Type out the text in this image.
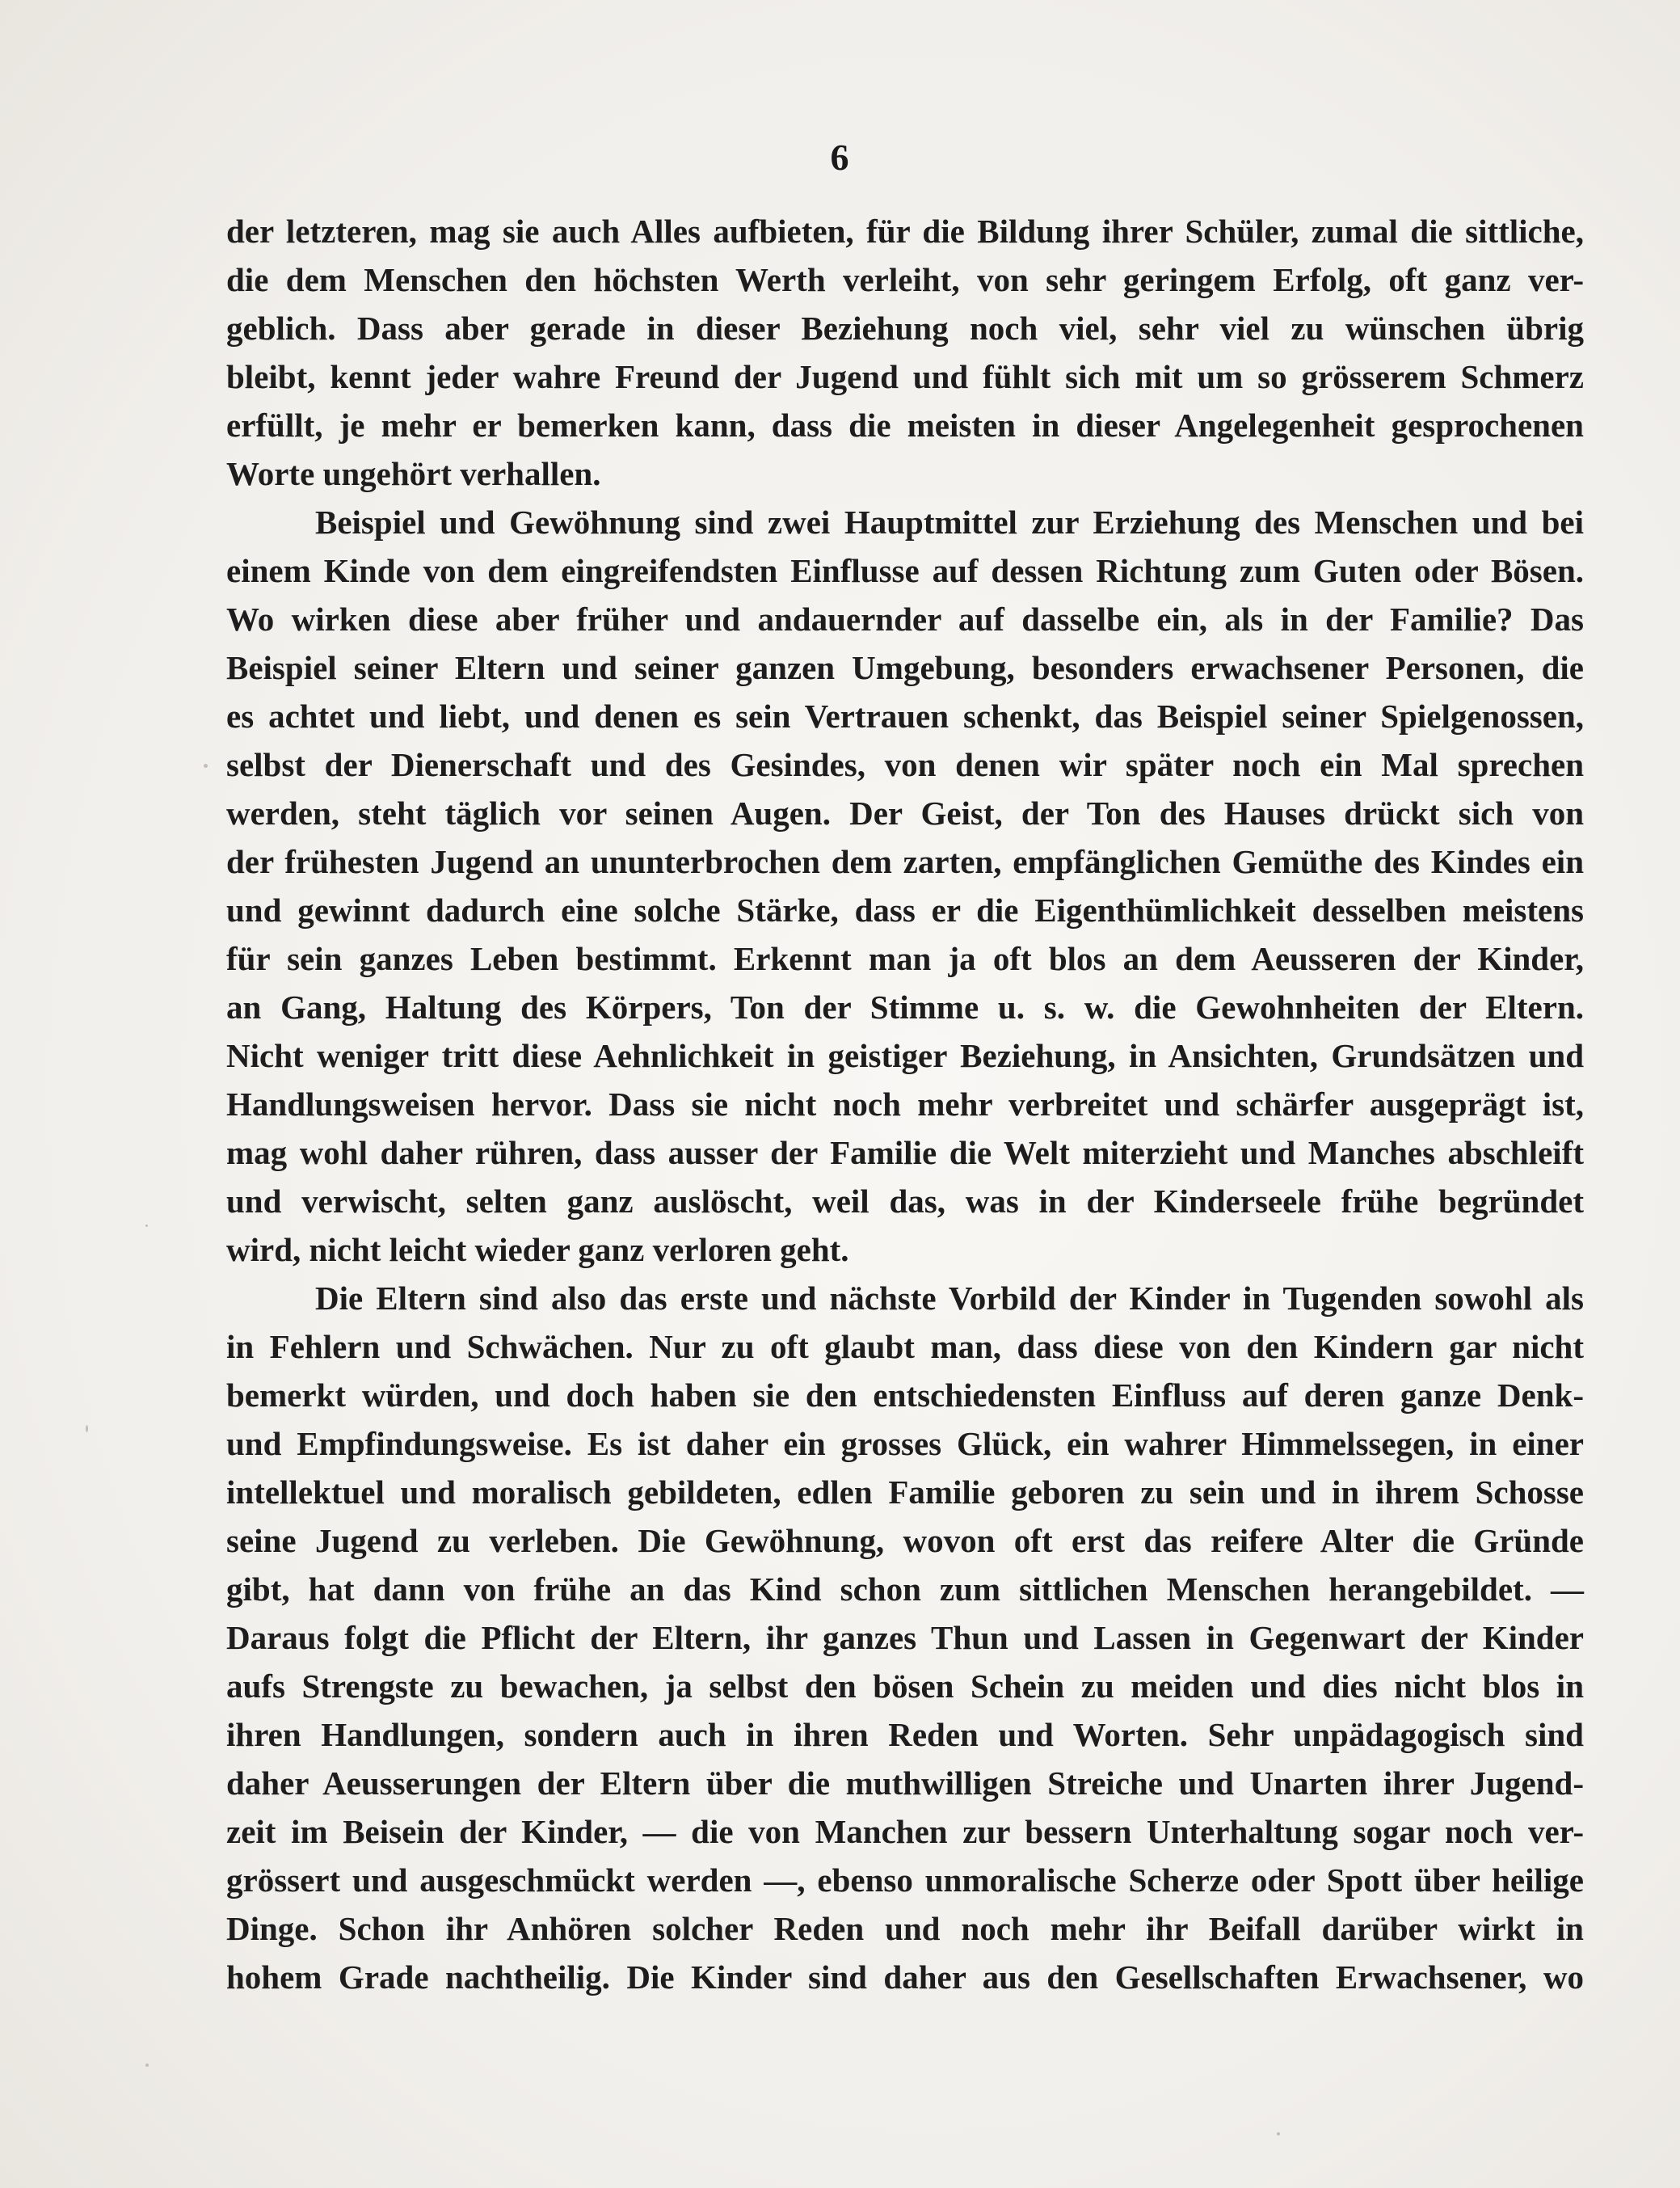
6
der letzteren, mag sie auch Alles aufbieten, für die Bildung ihrer Schüler, zumal die sittliche,
die dem Menschen den höchsten Werth verleiht, von sehr geringem Erfolg, oft ganz ver-
geblich. Dass aber gerade in dieser Beziehung noch viel, sehr viel zu wünschen übrig
bleibt, kennt jeder wahre Freund der Jugend und fühlt sich mit um so grösserem Schmerz
erfüllt, je mehr er bemerken kann, dass die meisten in dieser Angelegenheit gesprochenen
Worte ungehört verhallen.
Beispiel und Gewöhnung sind zwei Hauptmittel zur Erziehung des Menschen und bei
einem Kinde von dem eingreifendsten Einflusse auf dessen Richtung zum Guten oder Bösen.
Wo wirken diese aber früher und andauernder auf dasselbe ein, als in der Familie? Das
Beispiel seiner Eltern und seiner ganzen Umgebung, besonders erwachsener Personen, die
es achtet und liebt, und denen es sein Vertrauen schenkt, das Beispiel seiner Spielgenossen,
selbst der Dienerschaft und des Gesindes, von denen wir später noch ein Mal sprechen
werden, steht täglich vor seinen Augen. Der Geist, der Ton des Hauses drückt sich von
der frühesten Jugend an ununterbrochen dem zarten, empfänglichen Gemüthe des Kindes ein
und gewinnt dadurch eine solche Stärke, dass er die Eigenthümlichkeit desselben meistens
für sein ganzes Leben bestimmt. Erkennt man ja oft blos an dem Aeusseren der Kinder,
an Gang, Haltung des Körpers, Ton der Stimme u. s. w. die Gewohnheiten der Eltern.
Nicht weniger tritt diese Aehnlichkeit in geistiger Beziehung, in Ansichten, Grundsätzen und
Handlungsweisen hervor. Dass sie nicht noch mehr verbreitet und schärfer ausgeprägt ist,
mag wohl daher rühren, dass ausser der Familie die Welt miterzieht und Manches abschleift
und verwischt, selten ganz auslöscht, weil das, was in der Kinderseele frühe begründet
wird, nicht leicht wieder ganz verloren geht.
Die Eltern sind also das erste und nächste Vorbild der Kinder in Tugenden sowohl als
in Fehlern und Schwächen. Nur zu oft glaubt man, dass diese von den Kindern gar nicht
bemerkt würden, und doch haben sie den entschiedensten Einfluss auf deren ganze Denk-
und Empfindungsweise. Es ist daher ein grosses Glück, ein wahrer Himmelssegen, in einer
intellektuel und moralisch gebildeten, edlen Familie geboren zu sein und in ihrem Schosse
seine Jugend zu verleben. Die Gewöhnung, wovon oft erst das reifere Alter die Gründe
gibt, hat dann von frühe an das Kind schon zum sittlichen Menschen herangebildet. —
Daraus folgt die Pflicht der Eltern, ihr ganzes Thun und Lassen in Gegenwart der Kinder
aufs Strengste zu bewachen, ja selbst den bösen Schein zu meiden und dies nicht blos in
ihren Handlungen, sondern auch in ihren Reden und Worten. Sehr unpädagogisch sind
daher Aeusserungen der Eltern über die muthwilligen Streiche und Unarten ihrer Jugend-
zeit im Beisein der Kinder, — die von Manchen zur bessern Unterhaltung sogar noch ver-
grössert und ausgeschmückt werden —, ebenso unmoralische Scherze oder Spott über heilige
Dinge. Schon ihr Anhören solcher Reden und noch mehr ihr Beifall darüber wirkt in
hohem Grade nachtheilig. Die Kinder sind daher aus den Gesellschaften Erwachsener, wo
